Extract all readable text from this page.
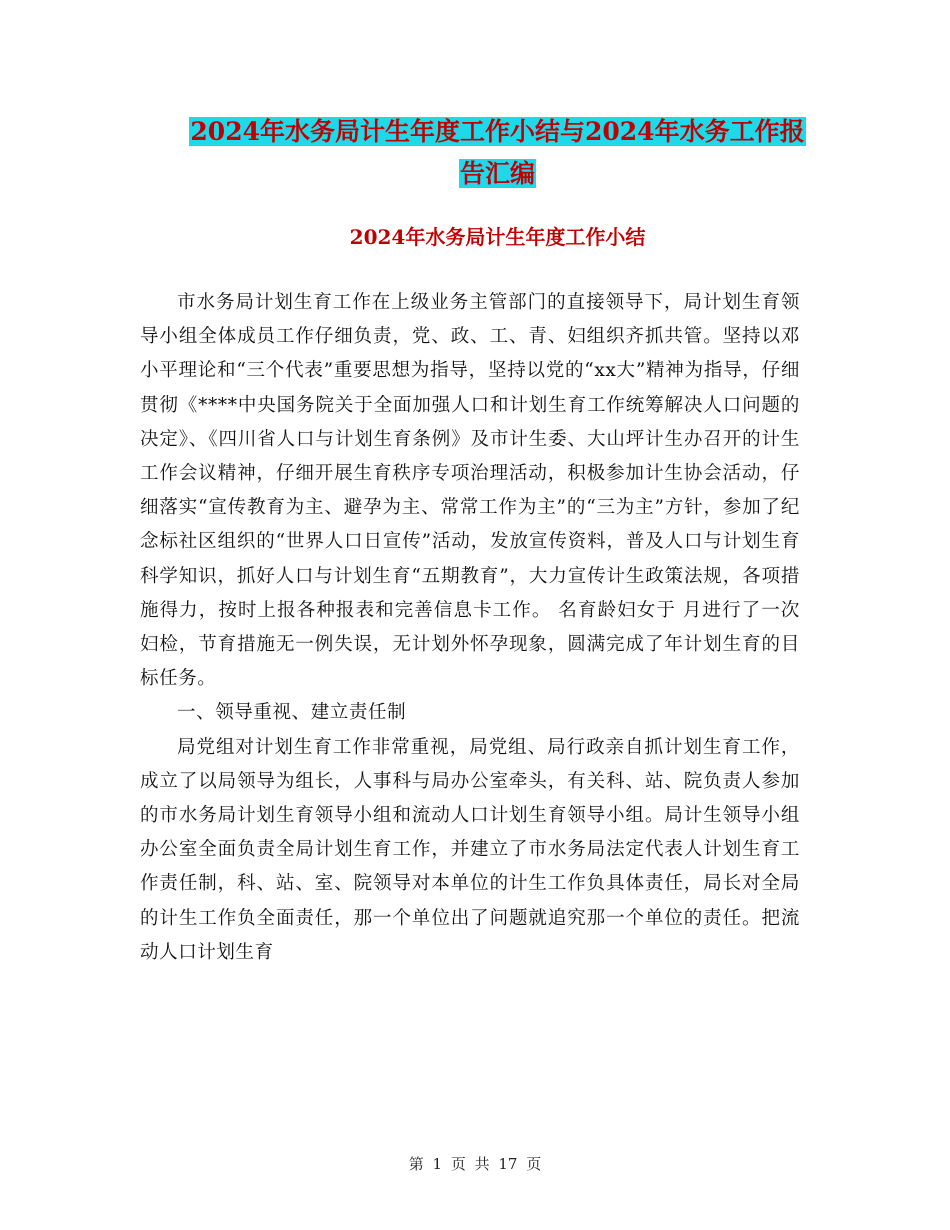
2024年水务局计生年度工作小结与2024年水务工作报
告汇编
2024年水务局计生年度工作小结

市水务局计划生育工作在上级业务主管部门的直接领导下，局计划生育领导小组全体成员工作仔细负责，党、政、工、青、妇组织齐抓共管。坚持以邓小平理论和“三个代表”重要思想为指导，坚持以党的“xx大”精神为指导，仔细贯彻《****中央国务院关于全面加强人口和计划生育工作统筹解决人口问题的决定》、《四川省人口与计划生育条例》及市计生委、大山坪计生办召开的计生工作会议精神，仔细开展生育秩序专项治理活动，积极参加计生协会活动，仔细落实“宣传教育为主、避孕为主、常常工作为主”的“三为主”方针，参加了纪念标社区组织的“世界人口日宣传”活动，发放宣传资料，普及人口与计划生育科学知识，抓好人口与计划生育“五期教育”，大力宣传计生政策法规，各项措施得力，按时上报各种报表和完善信息卡工作。 名育龄妇女于 月进行了一次妇检，节育措施无一例失误，无计划外怀孕现象，圆满完成了年计划生育的目标任务。

一、领导重视、建立责任制

局党组对计划生育工作非常重视，局党组、局行政亲自抓计划生育工作，成立了以局领导为组长，人事科与局办公室牵头，有关科、站、院负责人参加的市水务局计划生育领导小组和流动人口计划生育领导小组。局计生领导小组办公室全面负责全局计划生育工作，并建立了市水务局法定代表人计划生育工作责任制，科、站、室、院领导对本单位的计生工作负具体责任，局长对全局的计生工作负全面责任，那一个单位出了问题就追究那一个单位的责任。把流动人口计划生育

第 1 页 共 17 页
